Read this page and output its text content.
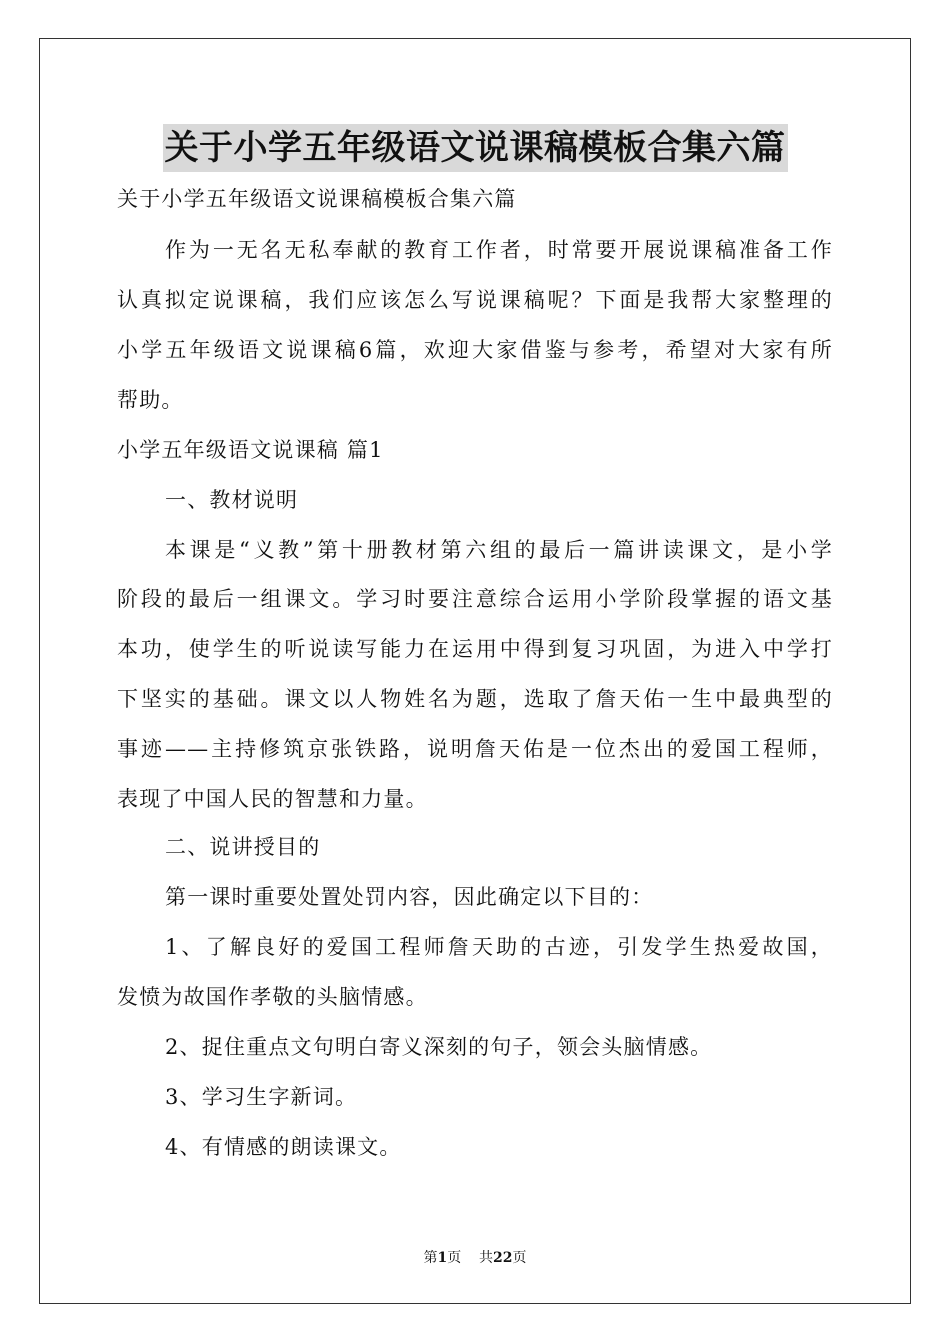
关于小学五年级语文说课稿模板合集六篇
关于小学五年级语文说课稿模板合集六篇
作为一无名无私奉献的教育工作者，时常要开展说课稿准备工作
认真拟定说课稿，我们应该怎么写说课稿呢？下面是我帮大家整理的
小学五年级语文说课稿6篇，欢迎大家借鉴与参考，希望对大家有所
帮助。
小学五年级语文说课稿 篇1
一、教材说明
本课是“义教”第十册教材第六组的最后一篇讲读课文，是小学
阶段的最后一组课文。学习时要注意综合运用小学阶段掌握的语文基
本功，使学生的听说读写能力在运用中得到复习巩固，为进入中学打
下坚实的基础。课文以人物姓名为题，选取了詹天佑一生中最典型的
事迹——主持修筑京张铁路，说明詹天佑是一位杰出的爱国工程师，
表现了中国人民的智慧和力量。
二、说讲授目的
第一课时重要处置处罚内容，因此确定以下目的：
1、了解良好的爱国工程师詹天助的古迹，引发学生热爱故国，
发愤为故国作孝敬的头脑情感。
2、捉住重点文句明白寄义深刻的句子，领会头脑情感。
3、学习生字新词。
4、有情感的朗读课文。
第1页 共22页
